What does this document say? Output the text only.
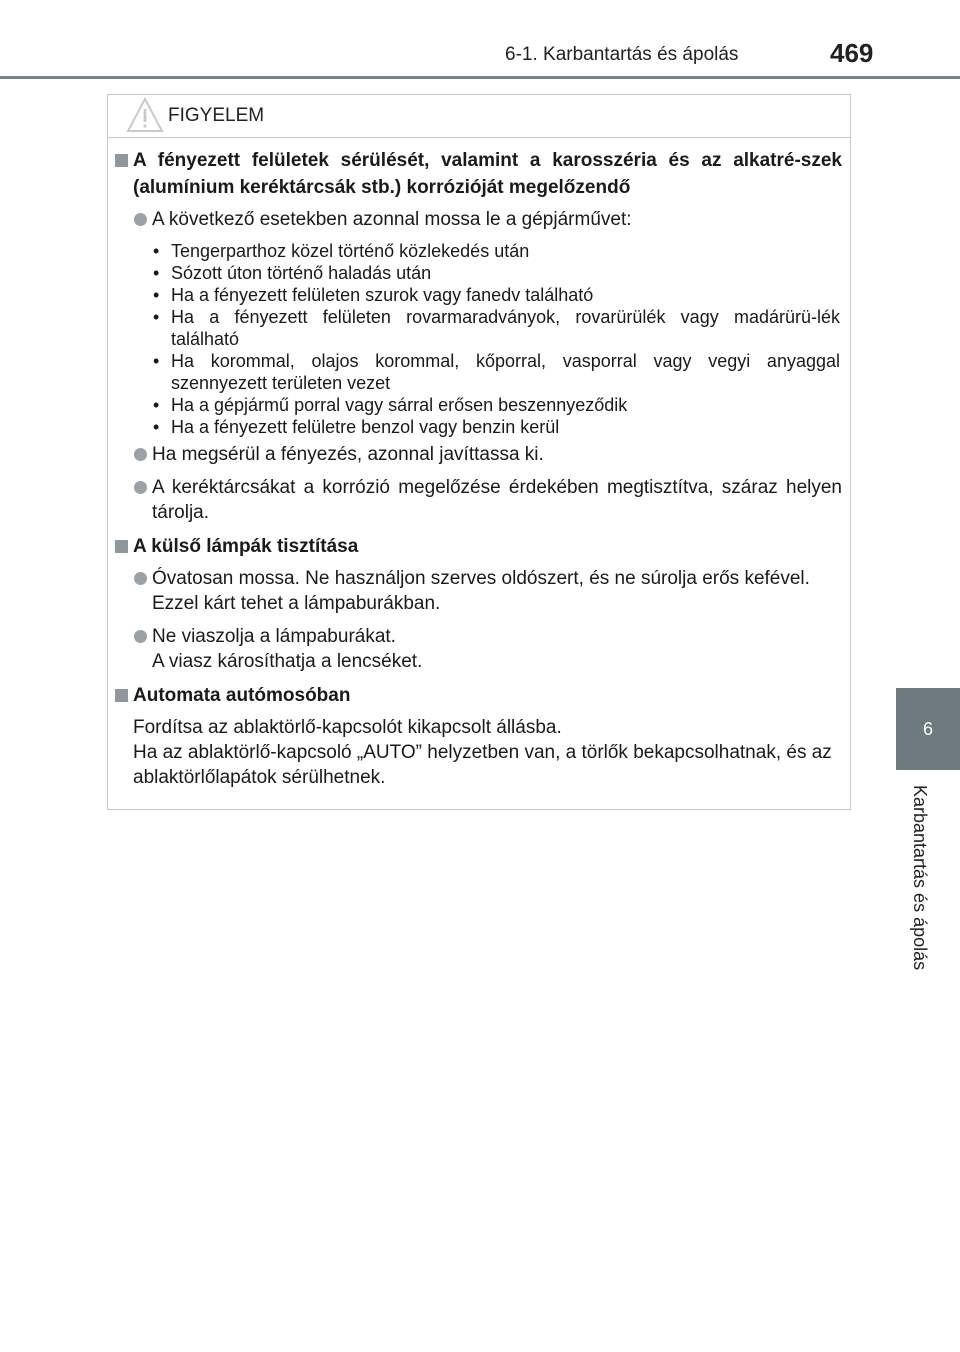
6-1. Karbantartás és ápolás	469
6
Karbantartás és ápolás
FIGYELEM
A fényezett felületek sérülését, valamint a karosszéria és az alkatré-szek (alumínium keréktárcsák stb.) korrózióját megelőzendő
A következő esetekben azonnal mossa le a gépjárművet:
• Tengerparthoz közel történő közlekedés után
• Sózott úton történő haladás után
• Ha a fényezett felületen szurok vagy fanedv található
• Ha a fényezett felületen rovarmaradványok, rovarürülék vagy madárürü-lék található
• Ha korommal, olajos korommal, kőporral, vasporral vagy vegyi anyaggal szennyezett területen vezet
• Ha a gépjármű porral vagy sárral erősen beszennyeződik
• Ha a fényezett felületre benzol vagy benzin kerül
Ha megsérül a fényezés, azonnal javíttassa ki.
A keréktárcsákat a korrózió megelőzése érdekében megtisztítva, száraz helyen tárolja.
A külső lámpák tisztítása
Óvatosan mossa. Ne használjon szerves oldószert, és ne súrolja erős kefével.
Ezzel kárt tehet a lámpaburákban.
Ne viaszolja a lámpaburákat.
A viasz károsíthatja a lencséket.
Automata autómosóban
Fordítsa az ablaktörlő-kapcsolót kikapcsolt állásba.
Ha az ablaktörlő-kapcsoló „AUTO” helyzetben van, a törlők bekapcsolhatnak, és az ablaktörlőlapátok sérülhetnek.
